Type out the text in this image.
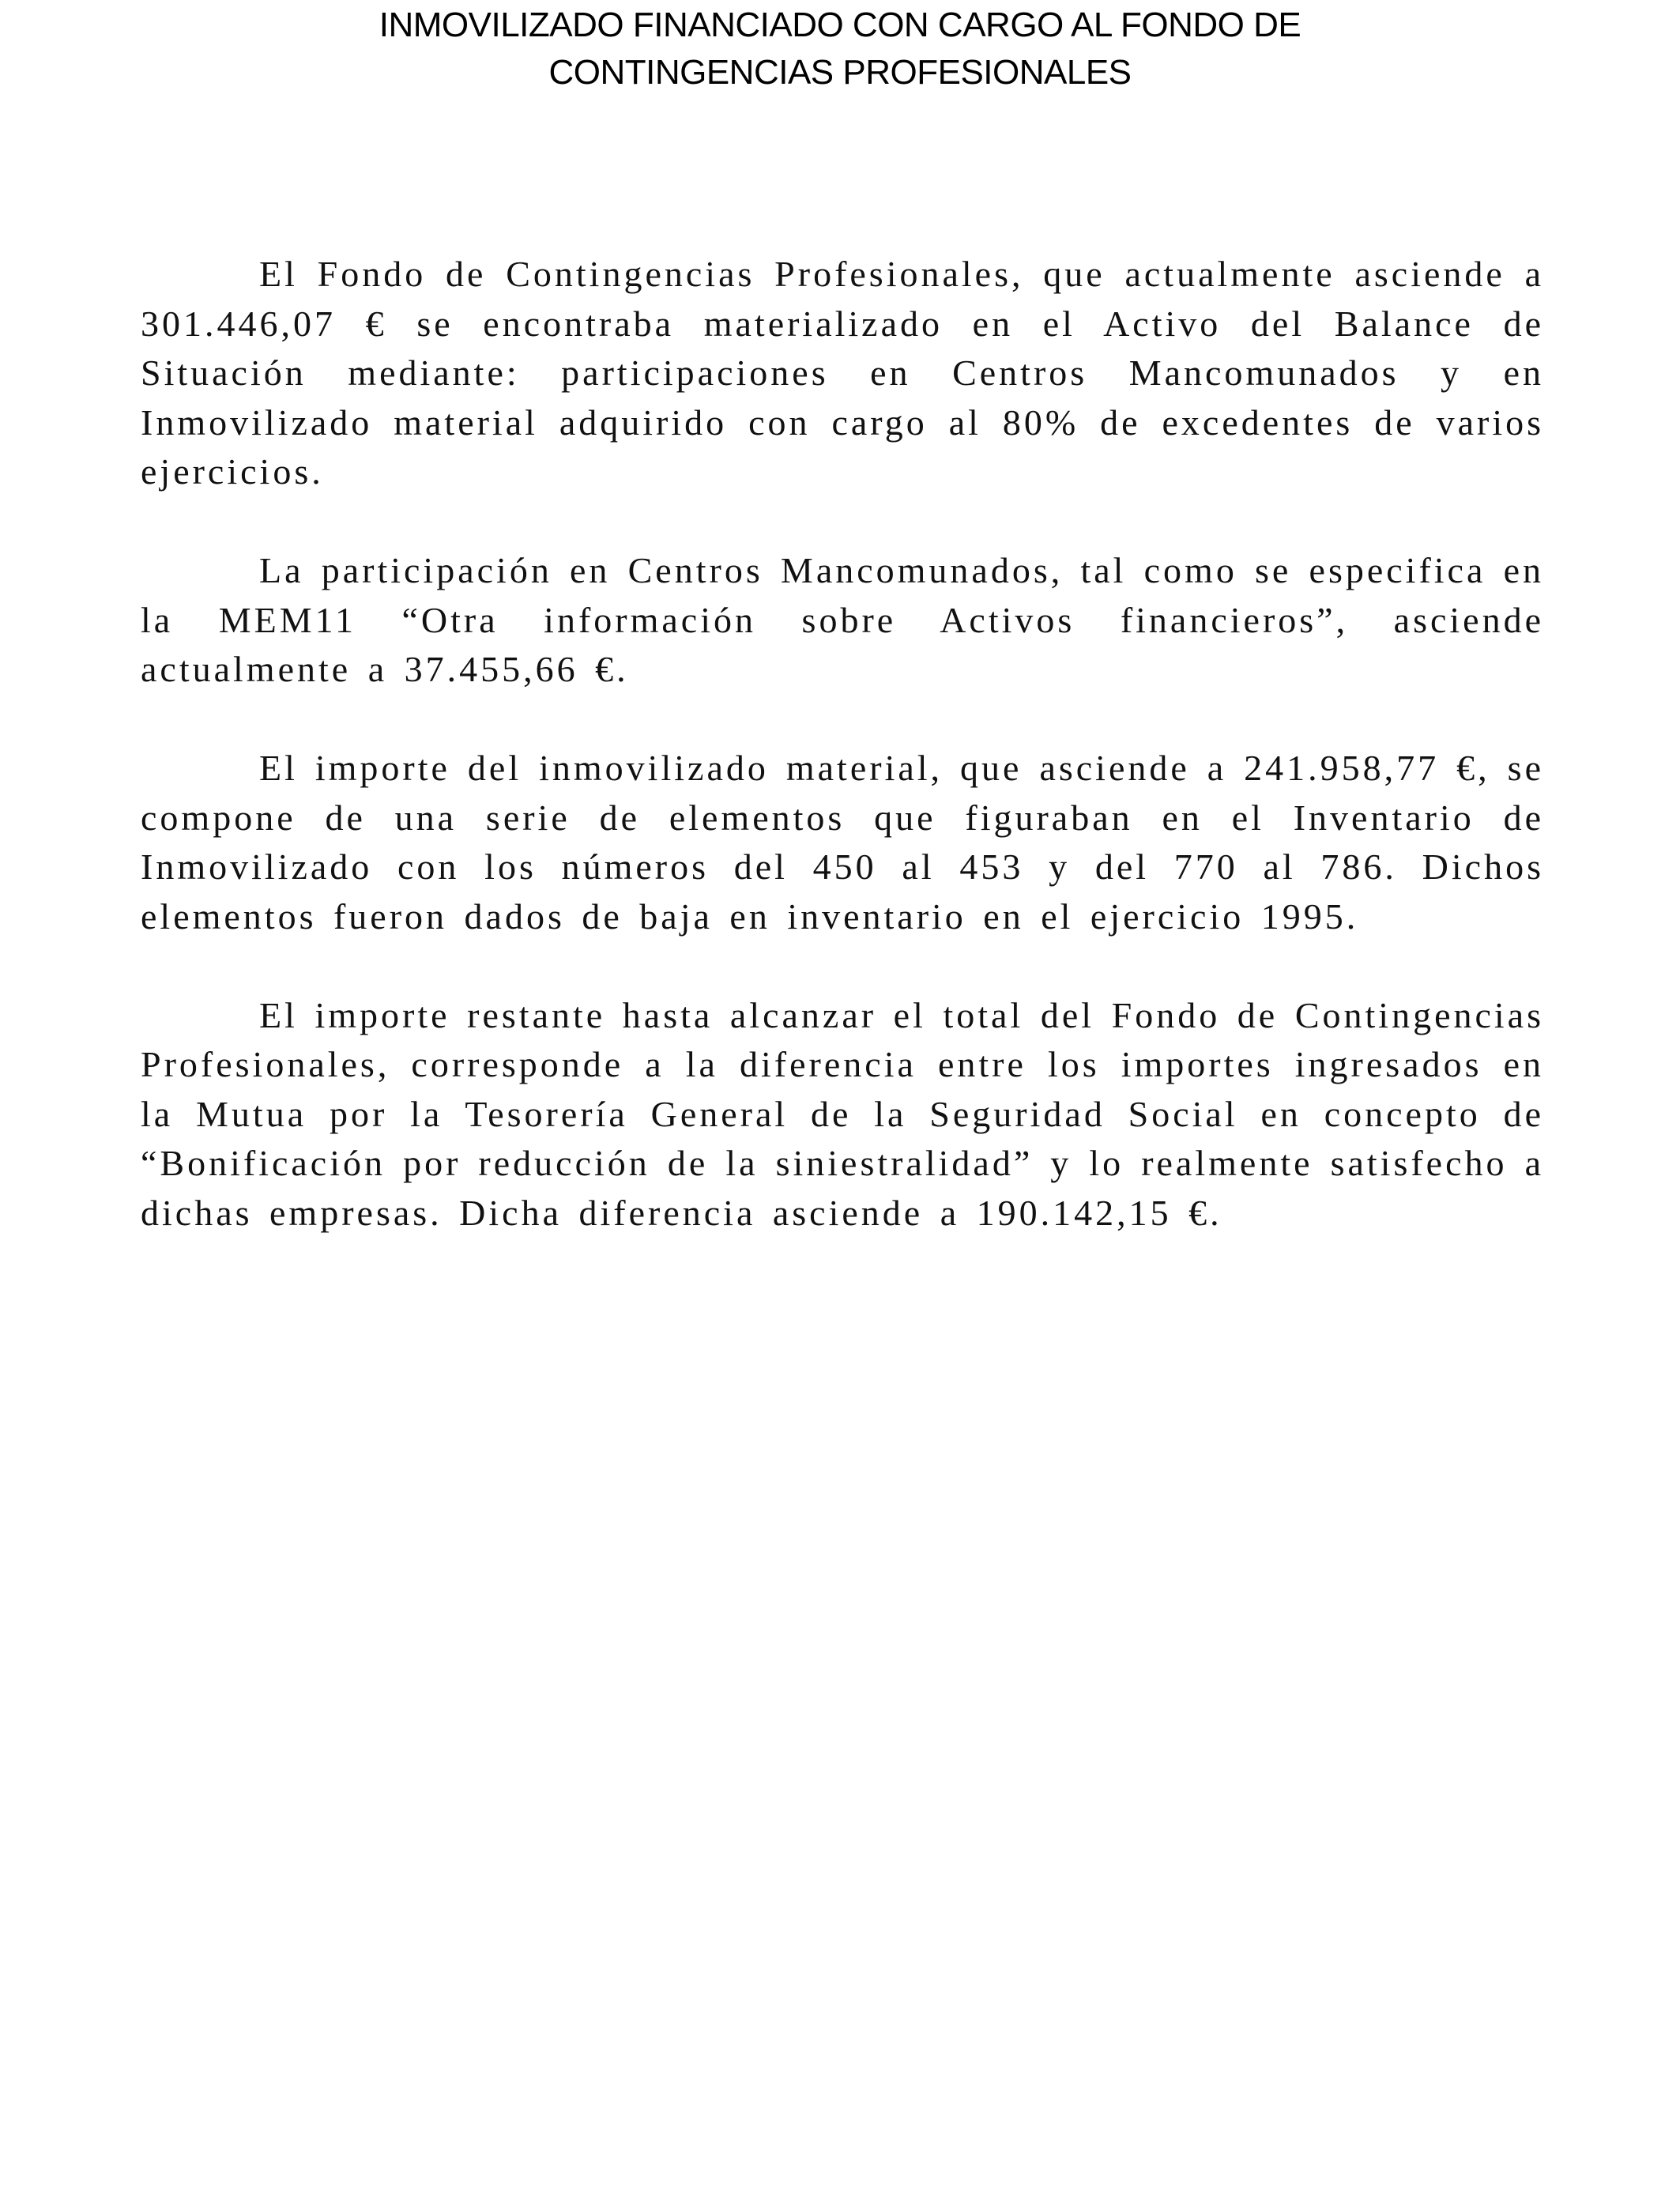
INMOVILIZADO FINANCIADO CON CARGO AL FONDO DE
CONTINGENCIAS PROFESIONALES

El Fondo de Contingencias Profesionales, que actualmente asciende a 301.446,07 € se encontraba materializado en el Activo del Balance de Situación mediante: participaciones en Centros Mancomunados y en Inmovilizado material adquirido con cargo al 80% de excedentes de varios ejercicios.

La participación en Centros Mancomunados, tal como se especifica en la MEM11 “Otra información sobre Activos financieros”, asciende actualmente a 37.455,66 €.

El importe del inmovilizado material, que asciende a 241.958,77 €, se compone de una serie de elementos que figuraban en el Inventario de Inmovilizado con los números del 450 al 453 y del 770 al 786. Dichos elementos fueron dados de baja en inventario en el ejercicio 1995.

El importe restante hasta alcanzar el total del Fondo de Contingencias Profesionales, corresponde a la diferencia entre los importes ingresados en la Mutua por la Tesorería General de la Seguridad Social en concepto de “Bonificación por reducción de la siniestralidad” y lo realmente satisfecho a dichas empresas. Dicha diferencia asciende a 190.142,15 €.
